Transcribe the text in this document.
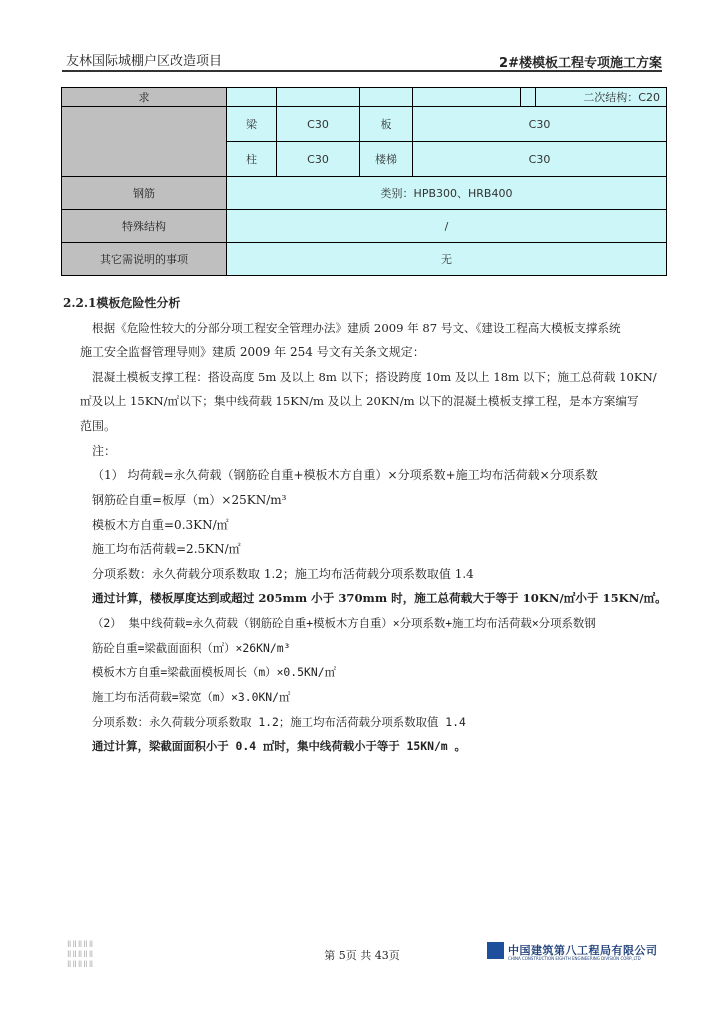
友林国际城棚户区改造项目	2#楼模板工程专项施工方案
求						二次结构：C20
	梁	C30	板	C30		
	柱	C30	楼梯	C30		
钢筋	类别：HPB300、HRB400					
特殊结构	/					
其它需说明的事项	无					
2.2.1模板危险性分析
根据《危险性较大的分部分项工程安全管理办法》建质 2009 年 87 号文、《建设工程高大模板支撑系统
施工安全监督管理导则》建质 2009 年 254 号文有关条文规定：
混凝土模板支撑工程：搭设高度 5m 及以上 8m 以下；搭设跨度 10m 及以上 18m 以下；施工总荷载 10KN/
㎡及以上 15KN/㎡以下；集中线荷载 15KN/m 及以上 20KN/m 以下的混凝土模板支撑工程，是本方案编写
范围。
注：
（1） 均荷载=永久荷载（钢筋砼自重+模板木方自重）×分项系数+施工均布活荷载×分项系数
钢筋砼自重=板厚（m）×25KN/m³
模板木方自重=0.3KN/㎡
施工均布活荷载=2.5KN/㎡
分项系数：永久荷载分项系数取 1.2；施工均布活荷载分项系数取值 1.4
通过计算，楼板厚度达到或超过 205mm 小于 370mm 时，施工总荷载大于等于 10KN/㎡小于 15KN/㎡。
（2） 集中线荷载=永久荷载（钢筋砼自重+模板木方自重）×分项系数+施工均布活荷载×分项系数钢
筋砼自重=梁截面面积（㎡）×26KN/m³
模板木方自重=梁截面模板周长（m）×0.5KN/㎡
施工均布活荷载=梁宽（m）×3.0KN/㎡
分项系数：永久荷载分项系数取 1.2；施工均布活荷载分项系数取值 1.4
通过计算，梁截面面积小于 0.4 ㎡时，集中线荷载小于等于 15KN/m 。
ⅡⅡⅡⅡⅡ
ⅡⅡⅡⅡⅡ
ⅡⅡⅡⅡⅡ
第 5页 共 43页	中国建筑第八工程局有限公司
CHINA CONSTRUCTION EIGHTH ENGINEERING DIVISION CORP.,LTD
